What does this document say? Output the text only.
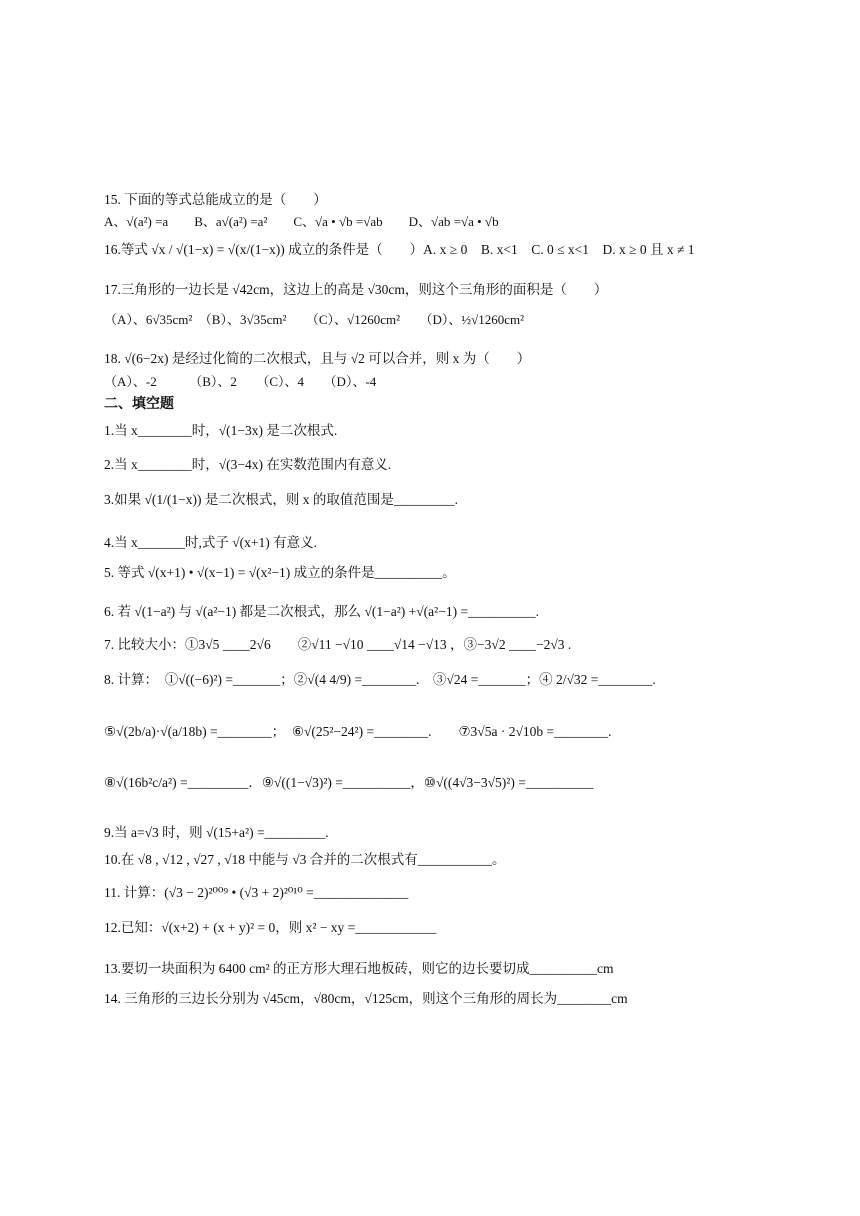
15. 下面的等式总能成立的是（　　）
A、√(a²) =a　　B、a√(a²) =a²　　C、√a • √b =√ab　　D、√ab =√a • √b
16.等式 √x / √(1−x) = √(x/(1−x)) 成立的条件是（　　）A. x ≥ 0　B. x<1　C. 0 ≤ x<1　D. x ≥ 0 且 x ≠ 1
17.三角形的一边长是 √42cm，这边上的高是 √30cm，则这个三角形的面积是（　　）
（A）、6√35cm²　（B）、3√35cm²　　（C）、√1260cm²　　（D）、½√1260cm²
18. √(6−2x) 是经过化简的二次根式，且与 √2 可以合并，则 x 为（　　）
（A）、-2　　　（B）、2　　（C）、4　　（D）、-4
二、填空题
1.当 x________时，√(1−3x) 是二次根式.
2.当 x________时，√(3−4x) 在实数范围内有意义.
3.如果 √(1/(1−x)) 是二次根式，则 x 的取值范围是_________.
4.当 x_______时,式子 √(x+1) 有意义.
5. 等式 √(x+1) • √(x−1) = √(x²−1) 成立的条件是__________。
6. 若 √(1−a²) 与 √(a²−1) 都是二次根式，那么 √(1−a²) +√(a²−1) =__________.
7. 比较大小：①3√5 ____2√6　　②√11 −√10 ____√14 −√13 ，③−3√2 ____−2√3 .
8. 计算：　①√((−6)²) =_______；②√(4 4/9) =________.　③√24 =_______；④ 2/√32 =________.
⑤√(2b/a)·√(a/18b) =________；　⑥√(25²−24²) =________.　　⑦3√5a · 2√10b =________.
⑧√(16b²c/a²) =_________．⑨√((1−√3)²) =__________，⑩√((4√3−3√5)²) =__________
9.当 a=√3 时，则 √(15+a²) =_________.
10.在 √8 , √12 , √27 , √18 中能与 √3 合并的二次根式有___________。
11. 计算：(√3 − 2)²⁰⁰⁹ • (√3 + 2)²⁰¹⁰ =______________
12.已知：√(x+2) + (x + y)² = 0，则 x² − xy =____________
13.要切一块面积为 6400 cm² 的正方形大理石地板砖，则它的边长要切成__________cm
14. 三角形的三边长分别为 √45cm，√80cm，√125cm，则这个三角形的周长为________cm
